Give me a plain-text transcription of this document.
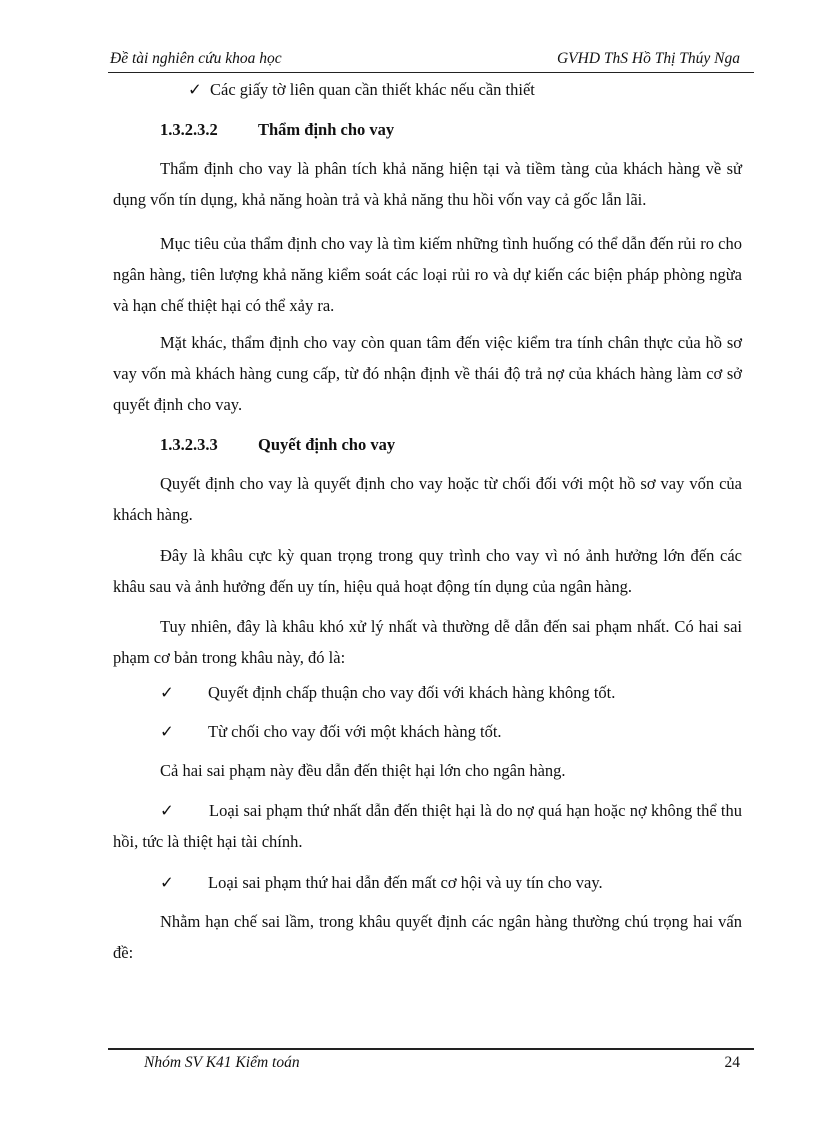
Đề tài nghiên cứu khoa học	GVHD ThS Hồ Thị Thúy Nga
✓ Các giấy tờ liên quan cần thiết khác nếu cần thiết
1.3.2.3.2 Thẩm định cho vay
Thẩm định cho vay là phân tích khả năng hiện tại và tiềm tàng của khách hàng về sử dụng vốn tín dụng, khả năng hoàn trả và khả năng thu hồi vốn vay cả gốc lẫn lãi.
Mục tiêu của thẩm định cho vay là tìm kiếm những tình huống có thể dẫn đến rủi ro cho ngân hàng, tiên lượng khả năng kiểm soát các loại rủi ro và dự kiến các biện pháp phòng ngừa và hạn chế thiệt hại có thể xảy ra.
Mặt khác, thẩm định cho vay còn quan tâm đến việc kiểm tra tính chân thực của hồ sơ vay vốn mà khách hàng cung cấp, từ đó nhận định về thái độ trả nợ của khách hàng làm cơ sở quyết định cho vay.
1.3.2.3.3 Quyết định cho vay
Quyết định cho vay là quyết định cho vay hoặc từ chối đối với một hồ sơ vay vốn của khách hàng.
Đây là khâu cực kỳ quan trọng trong quy trình cho vay vì nó ảnh hưởng lớn đến các khâu sau và ảnh hưởng đến uy tín, hiệu quả hoạt động tín dụng của ngân hàng.
Tuy nhiên, đây là khâu khó xử lý nhất và thường dễ dẫn đến sai phạm nhất. Có hai sai phạm cơ bản trong khâu này, đó là:
✓ Quyết định chấp thuận cho vay đối với khách hàng không tốt.
✓ Từ chối cho vay đối với một khách hàng tốt.
Cả hai sai phạm này đều dẫn đến thiệt hại lớn cho ngân hàng.
✓ Loại sai phạm thứ nhất dẫn đến thiệt hại là do nợ quá hạn hoặc nợ không thể thu hồi, tức là thiệt hại tài chính.
✓ Loại sai phạm thứ hai dẫn đến mất cơ hội và uy tín cho vay.
Nhằm hạn chế sai lầm, trong khâu quyết định các ngân hàng thường chú trọng hai vấn đề:
Nhóm SV K41 Kiểm toán	24
